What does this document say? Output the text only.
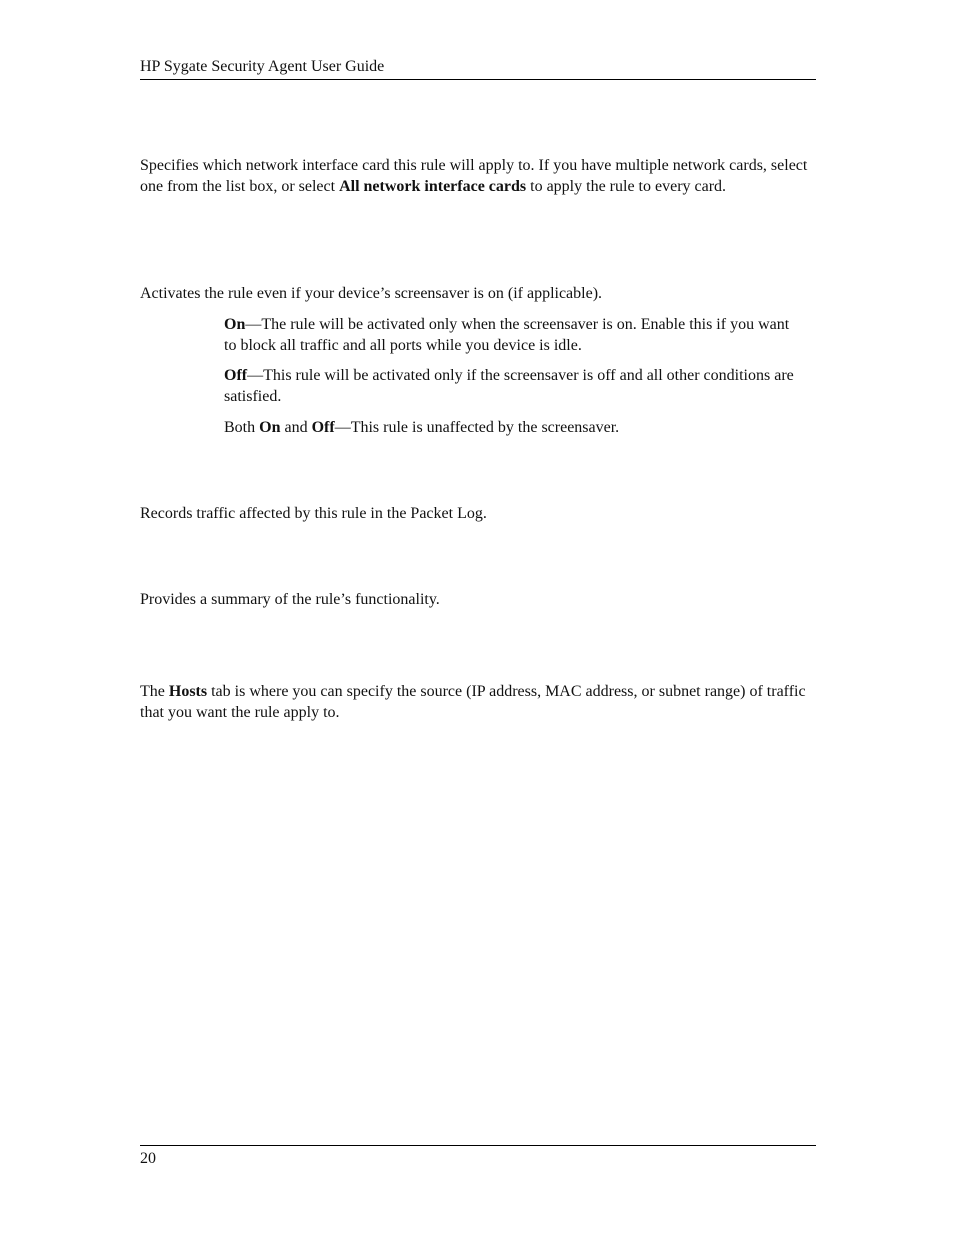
HP Sygate Security Agent User Guide

Specifies which network interface card this rule will apply to. If you have multiple network cards, select one from the list box, or select All network interface cards to apply the rule to every card.

Activates the rule even if your device’s screensaver is on (if applicable).

On—The rule will be activated only when the screensaver is on. Enable this if you want to block all traffic and all ports while you device is idle.

Off—This rule will be activated only if the screensaver is off and all other conditions are satisfied.

Both On and Off—This rule is unaffected by the screensaver.

Records traffic affected by this rule in the Packet Log.

Provides a summary of the rule’s functionality.

The Hosts tab is where you can specify the source (IP address, MAC address, or subnet range) of traffic that you want the rule apply to.

20
